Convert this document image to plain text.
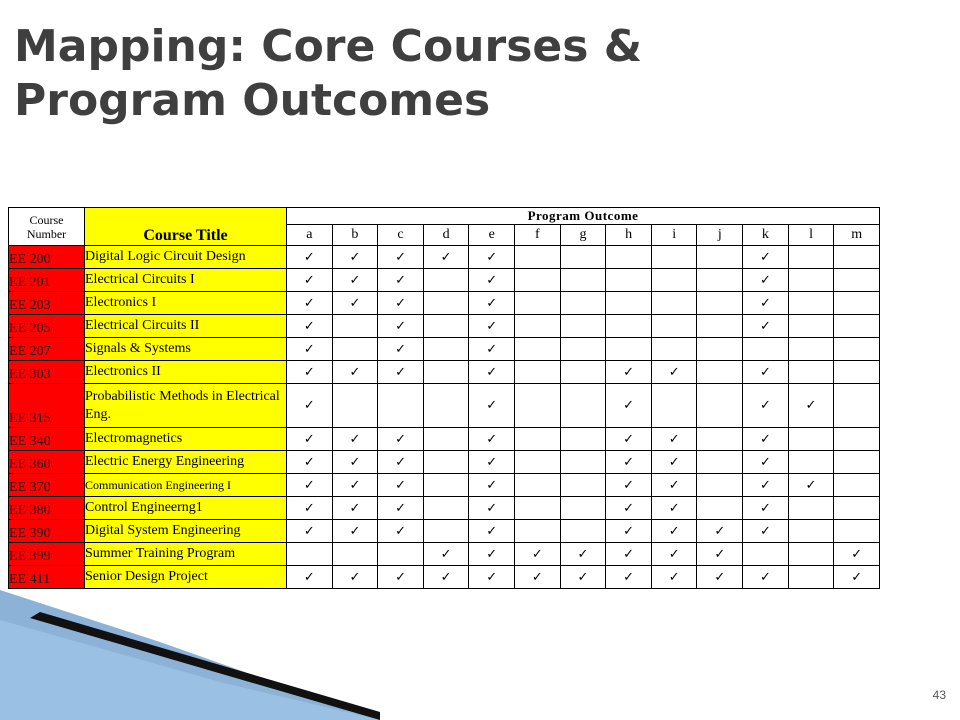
Mapping: Core Courses &
Program Outcomes
Course
Number	Course Title	Program Outcome												
		a	b	c	d	e	f	g	h	i	j	k	l	m
EE 200	Digital Logic Circuit Design	✓	✓	✓	✓	✓						✓		
EE 201	Electrical Circuits I	✓	✓	✓		✓						✓		
EE 203	Electronics I	✓	✓	✓		✓						✓		
EE 205	Electrical Circuits II	✓		✓		✓						✓		
EE 207	Signals & Systems	✓		✓		✓								
EE 303	Electronics II	✓	✓	✓		✓			✓	✓		✓		
EE 315	Probabilistic Methods in Electrical Eng.	✓				✓			✓			✓	✓	
EE 340	Electromagnetics	✓	✓	✓		✓			✓	✓		✓		
EE 360	Electric Energy Engineering	✓	✓	✓		✓			✓	✓		✓		
EE 370	Communication Engineering I	✓	✓	✓		✓			✓	✓		✓	✓	
EE 380	Control Engineerng1	✓	✓	✓		✓			✓	✓		✓		
EE 390	Digital System Engineering	✓	✓	✓		✓			✓	✓	✓	✓		
EE 399	Summer Training Program				✓	✓	✓	✓	✓	✓	✓			✓
EE 411	Senior Design Project	✓	✓	✓	✓	✓	✓	✓	✓	✓	✓	✓		✓
43
